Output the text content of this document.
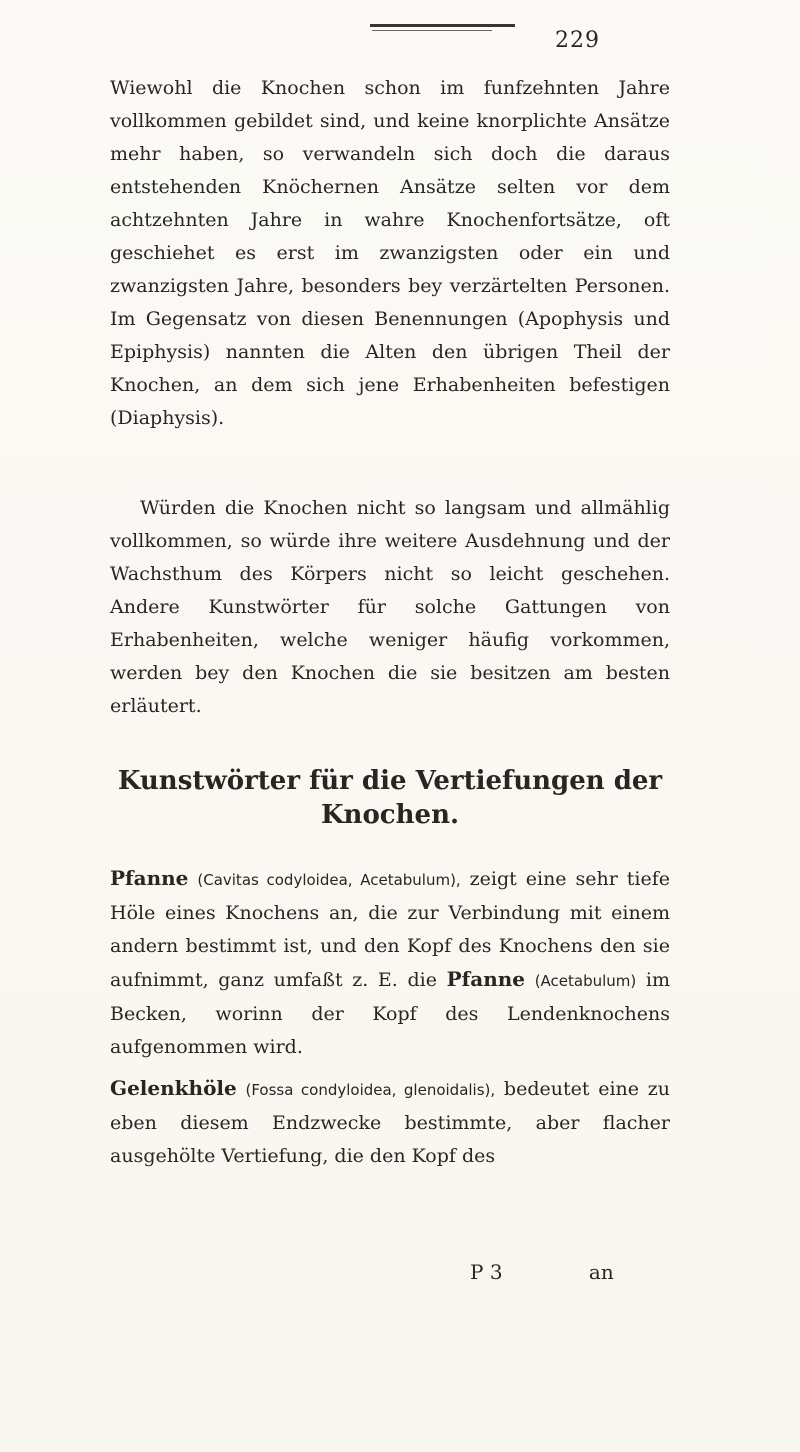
229

Wiewohl die Knochen schon im funfzehnten Jahre vollkommen gebildet sind, und keine knorplichte Ansätze mehr haben, so verwandeln sich doch die daraus entstehenden Knöchernen Ansätze selten vor dem achtzehnten Jahre in wahre Knochenfortsätze, oft geschiehet es erst im zwanzigsten oder ein und zwanzigsten Jahre, besonders bey verzärtelten Personen. Im Gegensatz von diesen Benennungen (Apophysis und Epiphysis) nannten die Alten den übrigen Theil der Knochen, an dem sich jene Erhabenheiten befestigen (Diaphysis).

Würden die Knochen nicht so langsam und allmählig vollkommen, so würde ihre weitere Ausdehnung und der Wachsthum des Körpers nicht so leicht geschehen. Andere Kunstwörter für solche Gattungen von Erhabenheiten, welche weniger häufig vorkommen, werden bey den Knochen die sie besitzen am besten erläutert.

Kunstwörter für die Vertiefungen der Knochen.

Pfanne (Cavitas codyloidea, Acetabulum), zeigt eine sehr tiefe Höle eines Knochens an, die zur Verbindung mit einem andern bestimmt ist, und den Kopf des Knochens den sie aufnimmt, ganz umfaßt z. E. die Pfanne (Acetabulum) im Becken, worinn der Kopf des Lendenknochens aufgenommen wird.

Gelenkhöle (Fossa condyloidea, glenoidalis), bedeutet eine zu eben diesem Endzwecke bestimmte, aber flacher ausgehölte Vertiefung, die den Kopf des

P 3	an
